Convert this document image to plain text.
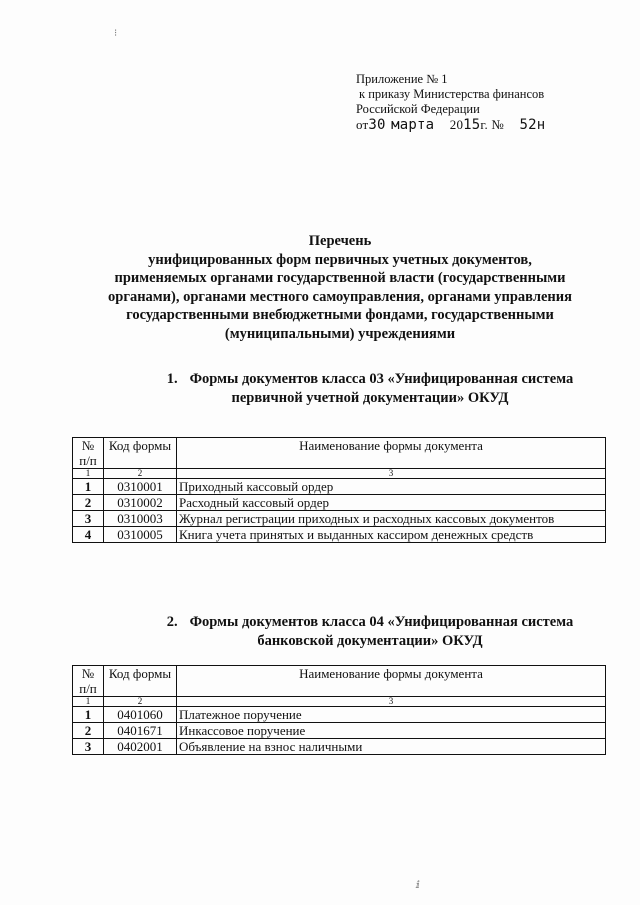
Приложение № 1
к приказу Министерства финансов
Российской Федерации
от30 марта 2015г. № 52н
Перечень
унифицированных форм первичных учетных документов,
применяемых органами государственной власти (государственными
органами), органами местного самоуправления, органами управления
государственными внебюджетными фондами, государственными
(муниципальными) учреждениями
1. Формы документов класса 03 «Унифицированная система
первичной учетной документации» ОКУД
№ п/п	Код формы	Наименование формы документа
1	2	3
1	0310001	Приходный кассовый ордер
2	0310002	Расходный кассовый ордер
3	0310003	Журнал регистрации приходных и расходных кассовых документов
4	0310005	Книга учета принятых и выданных кассиром денежных средств
2. Формы документов класса 04 «Унифицированная система
банковской документации» ОКУД
№ п/п	Код формы	Наименование формы документа
1	2	3
1	0401060	Платежное поручение
2	0401671	Инкассовое поручение
3	0402001	Объявление на взнос наличными
⁝
ⅈ
